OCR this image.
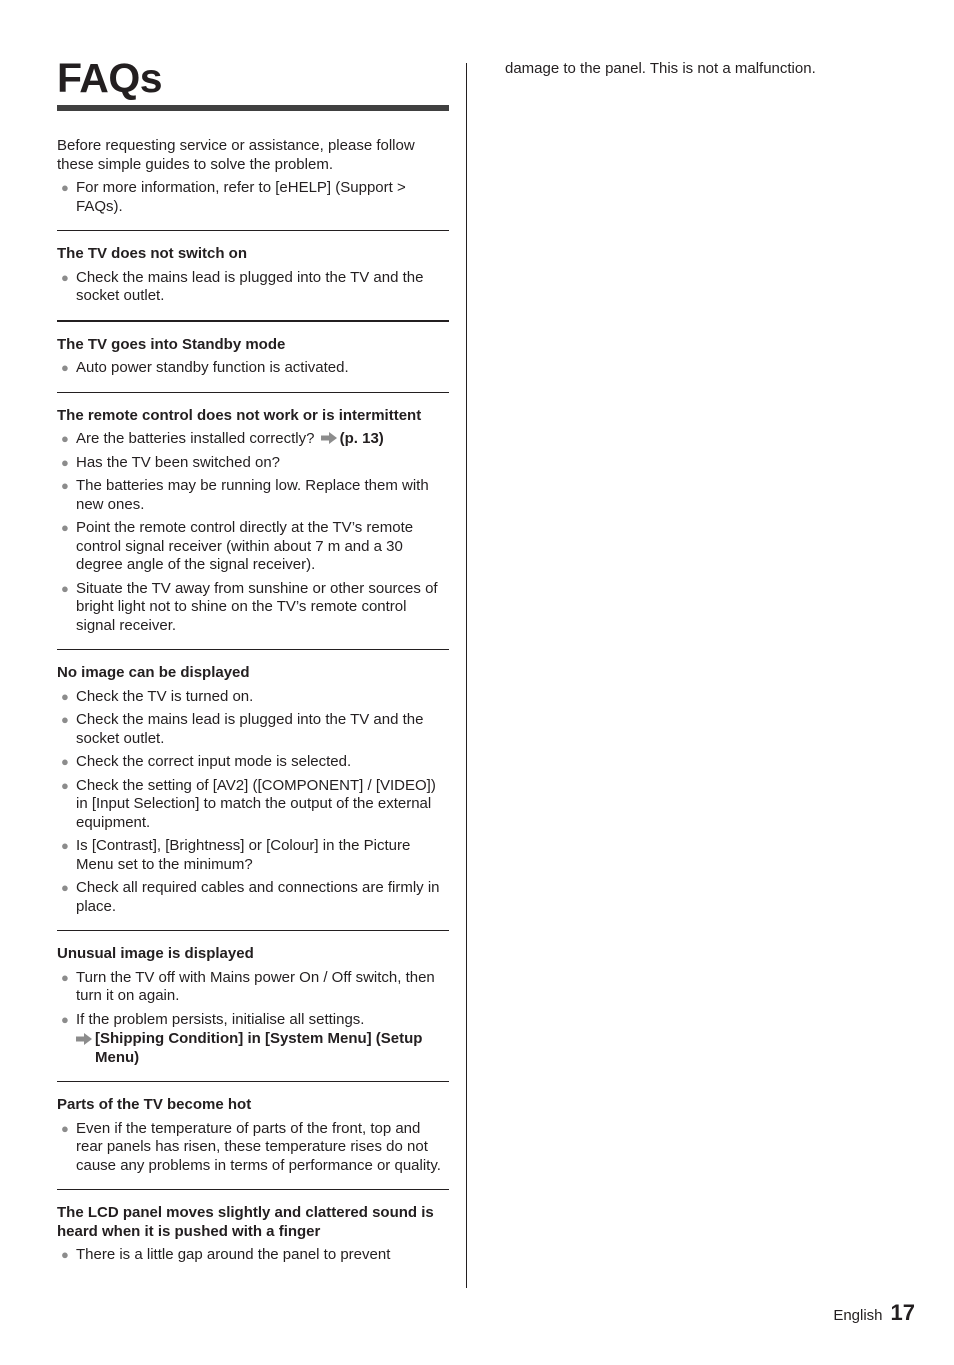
FAQs
Before requesting service or assistance, please follow these simple guides to solve the problem.
● For more information, refer to [eHELP] (Support > FAQs).
The TV does not switch on
● Check the mains lead is plugged into the TV and the socket outlet.
The TV goes into Standby mode
● Auto power standby function is activated.
The remote control does not work or is intermittent
● Are the batteries installed correctly? (p. 13)
● Has the TV been switched on?
● The batteries may be running low. Replace them with new ones.
● Point the remote control directly at the TV’s remote control signal receiver (within about 7 m and a 30 degree angle of the signal receiver).
● Situate the TV away from sunshine or other sources of bright light not to shine on the TV’s remote control signal receiver.
No image can be displayed
● Check the TV is turned on.
● Check the mains lead is plugged into the TV and the socket outlet.
● Check the correct input mode is selected.
● Check the setting of [AV2] ([COMPONENT] / [VIDEO]) in [Input Selection] to match the output of the external equipment.
● Is [Contrast], [Brightness] or [Colour] in the Picture Menu set to the minimum?
● Check all required cables and connections are firmly in place.
Unusual image is displayed
● Turn the TV off with Mains power On / Off switch, then turn it on again.
● If the problem persists, initialise all settings.
[Shipping Condition] in [System Menu] (Setup Menu)
Parts of the TV become hot
● Even if the temperature of parts of the front, top and rear panels has risen, these temperature rises do not cause any problems in terms of performance or quality.
The LCD panel moves slightly and clattered sound is heard when it is pushed with a finger
● There is a little gap around the panel to prevent
damage to the panel. This is not a malfunction.
English 17
